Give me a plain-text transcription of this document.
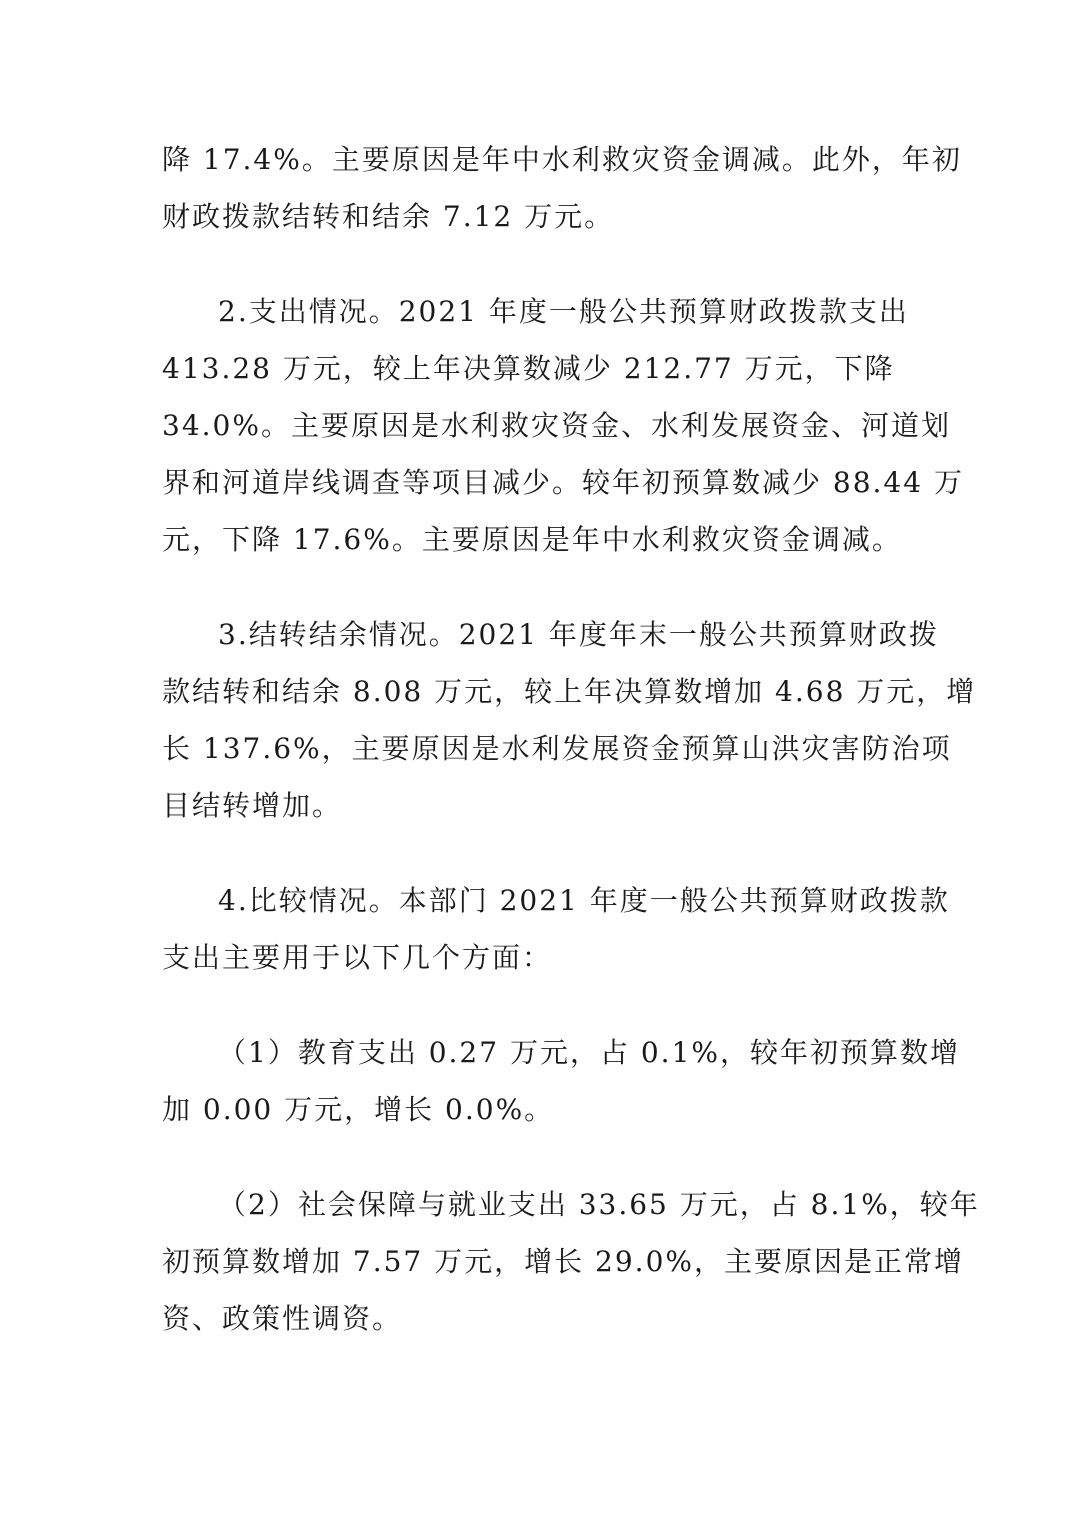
降 17.4%。主要原因是年中水利救灾资金调减。此外，年初
财政拨款结转和结余 7.12 万元。

2.支出情况。2021 年度一般公共预算财政拨款支出
413.28 万元，较上年决算数减少 212.77 万元，下降
34.0%。主要原因是水利救灾资金、水利发展资金、河道划
界和河道岸线调查等项目减少。较年初预算数减少 88.44 万
元，下降 17.6%。主要原因是年中水利救灾资金调减。

3.结转结余情况。2021 年度年末一般公共预算财政拨
款结转和结余 8.08 万元，较上年决算数增加 4.68 万元，增
长 137.6%，主要原因是水利发展资金预算山洪灾害防治项
目结转增加。

4.比较情况。本部门 2021 年度一般公共预算财政拨款
支出主要用于以下几个方面：

（1）教育支出 0.27 万元，占 0.1%，较年初预算数增
加 0.00 万元，增长 0.0%。

（2）社会保障与就业支出 33.65 万元，占 8.1%，较年
初预算数增加 7.57 万元，增长 29.0%，主要原因是正常增
资、政策性调资。
